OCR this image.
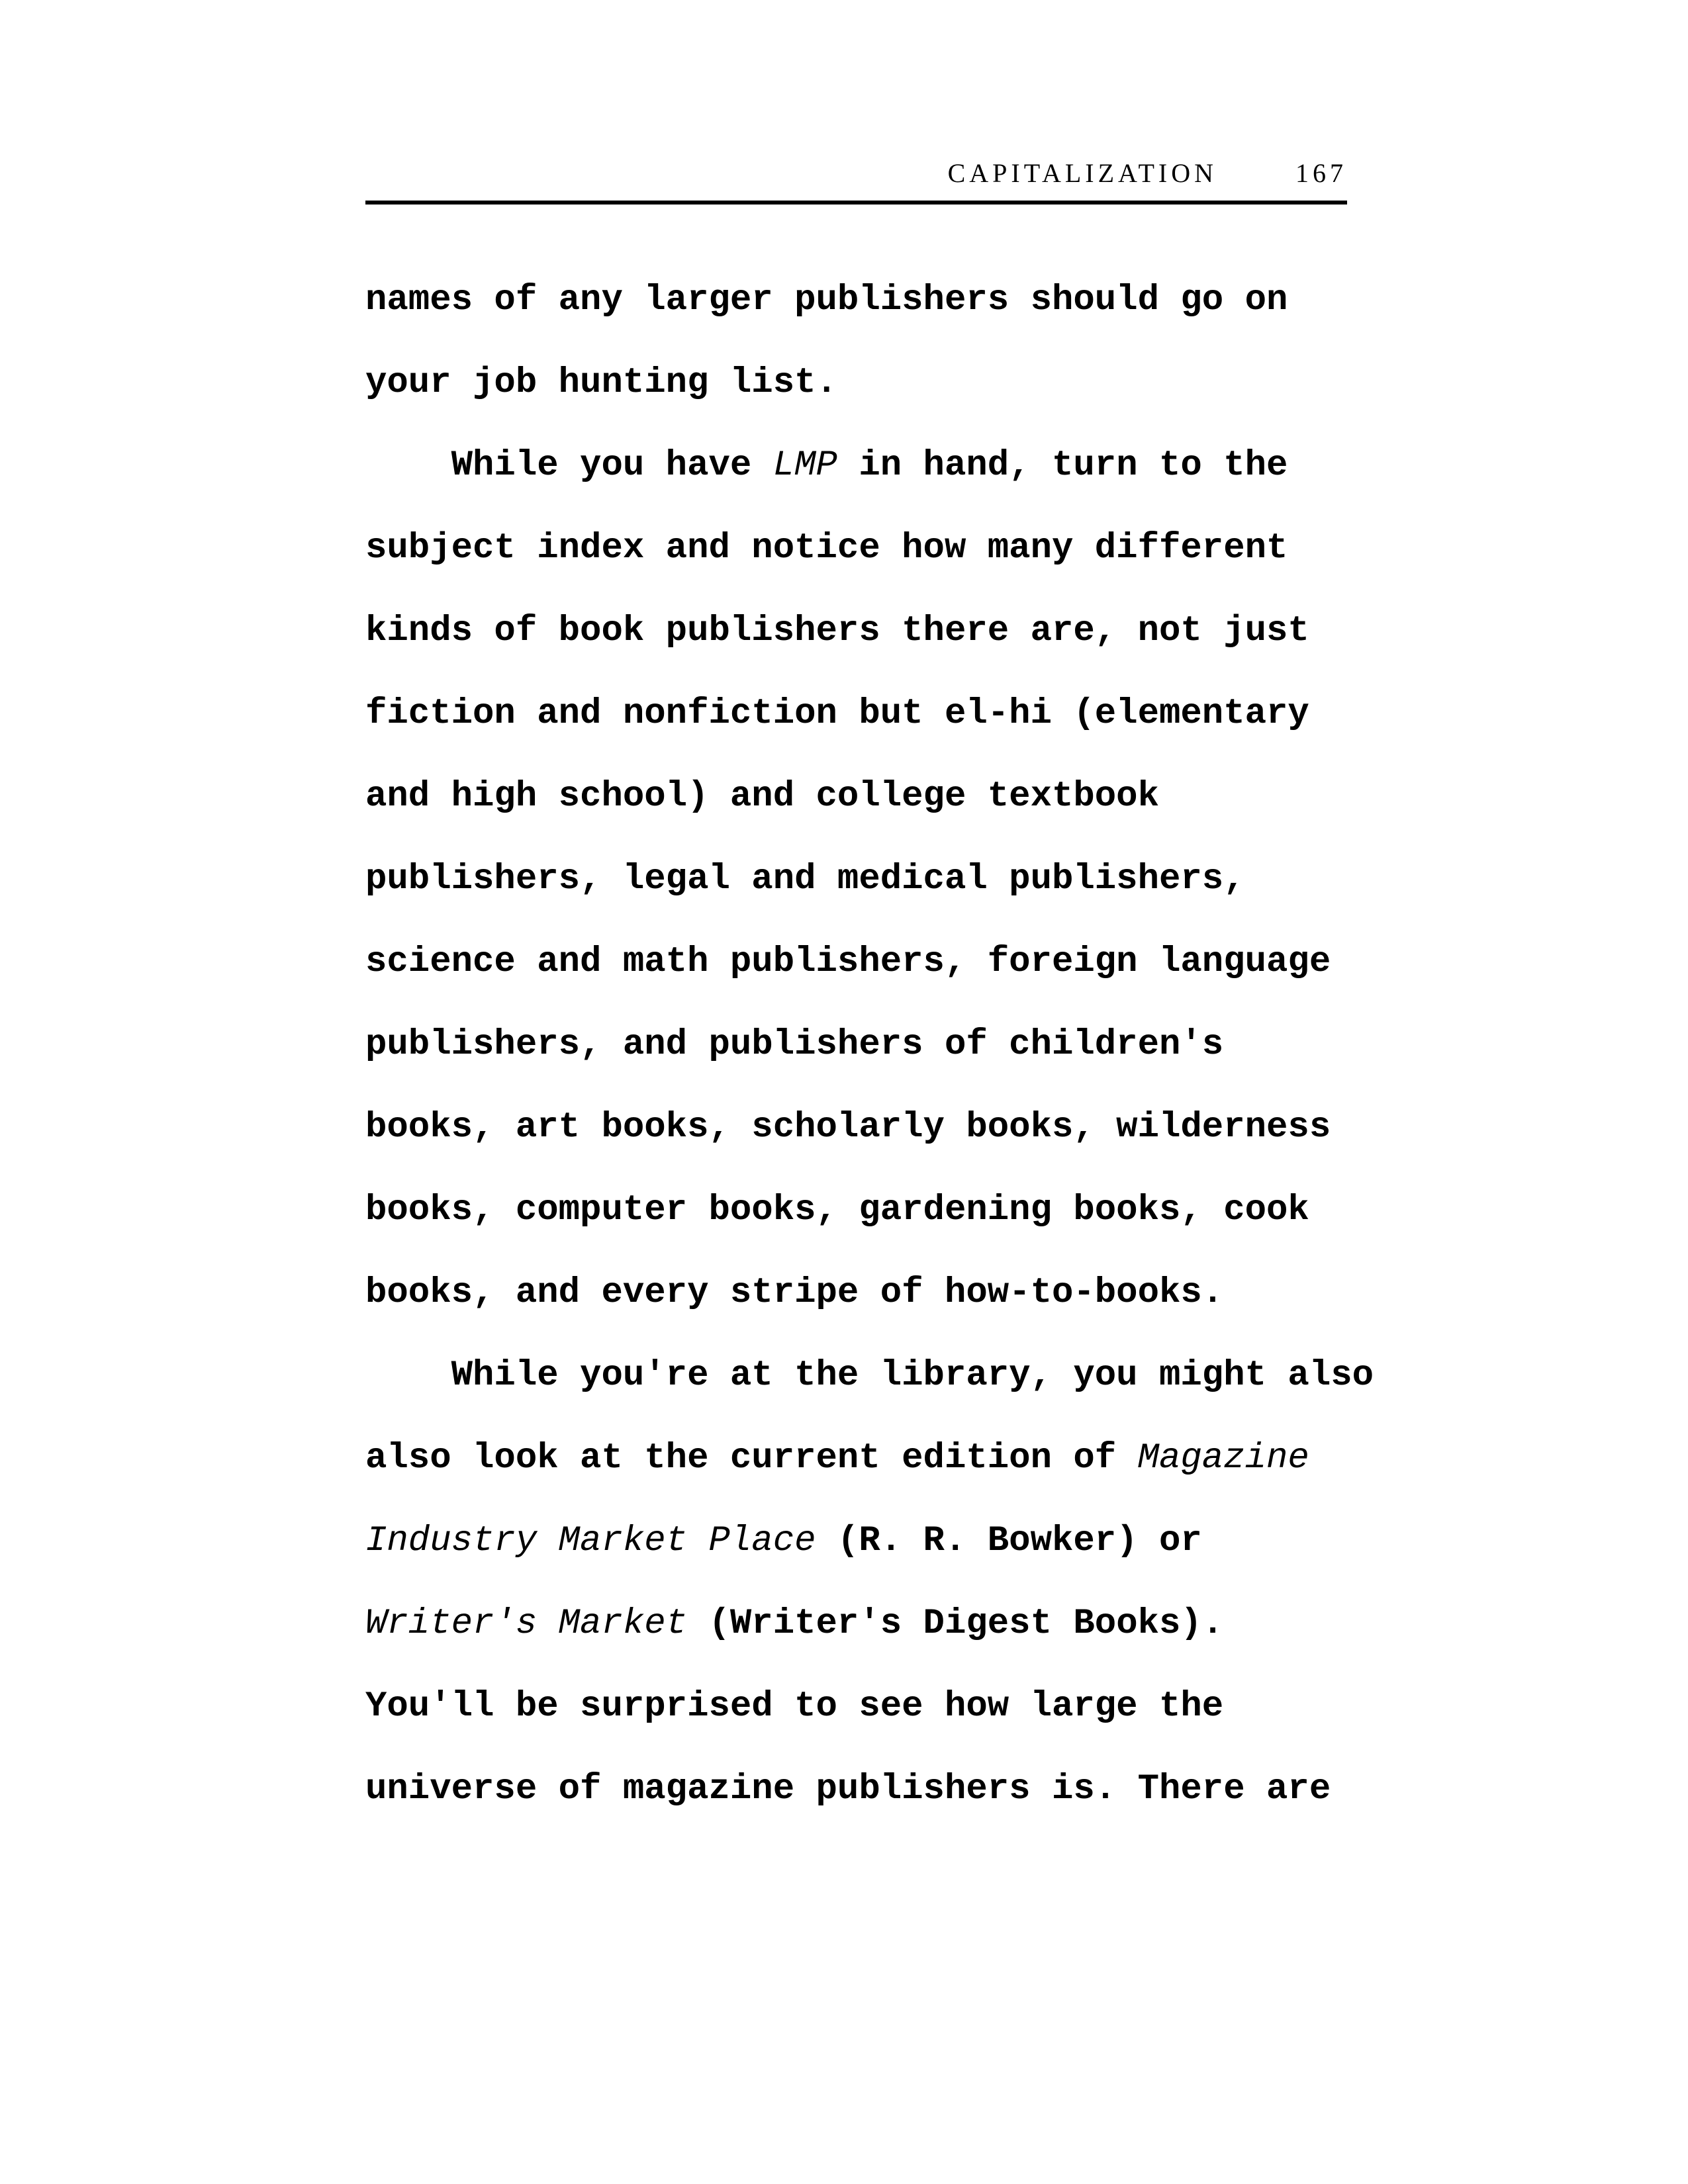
CAPITALIZATION	167
names of any larger publishers should go on
your job hunting list.
While you have LMP in hand, turn to the
subject index and notice how many different
kinds of book publishers there are, not just
fiction and nonfiction but el-hi (elementary
and high school) and college textbook
publishers, legal and medical publishers,
science and math publishers, foreign language
publishers, and publishers of children's
books, art books, scholarly books, wilderness
books, computer books, gardening books, cook
books, and every stripe of how-to-books.
While you're at the library, you might also
also look at the current edition of Magazine
Industry Market Place (R. R. Bowker) or
Writer's Market (Writer's Digest Books).
You'll be surprised to see how large the
universe of magazine publishers is. There are
